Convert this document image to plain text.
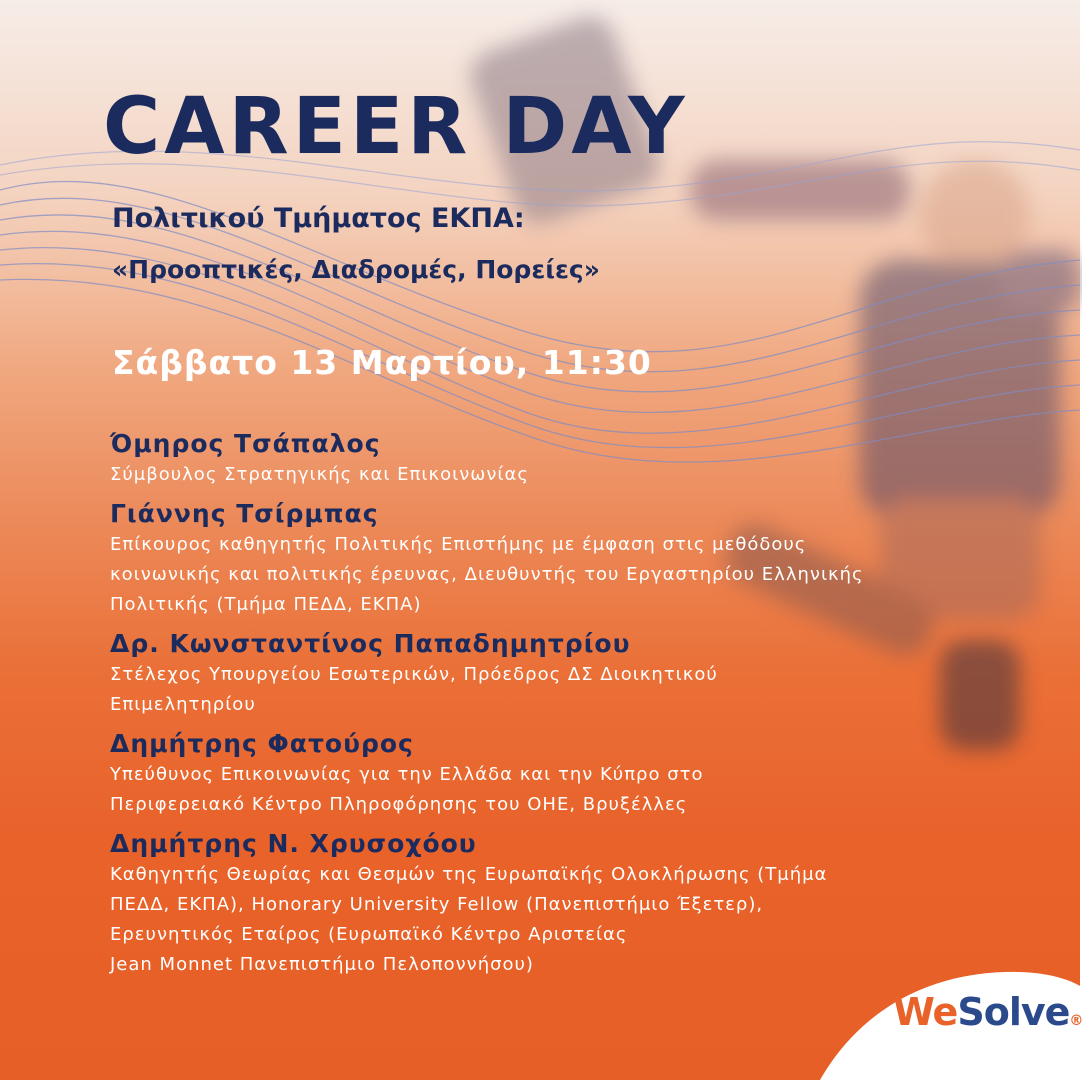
CAREER DAY

Πολιτικού Τμήματος ΕΚΠΑ:

«Προοπτικές, Διαδρομές, Πορείες»

Σάββατο 13 Μαρτίου, 11:30

Όμηρος Τσάπαλος

Σύμβουλος Στρατηγικής και Επικοινωνίας

Γιάννης Τσίρμπας

Επίκουρος καθηγητής Πολιτικής Επιστήμης με έμφαση στις μεθόδους

κοινωνικής και πολιτικής έρευνας, Διευθυντής του Εργαστηρίου Ελληνικής

Πολιτικής (Τμήμα ΠΕΔΔ, ΕΚΠΑ)

Δρ. Κωνσταντίνος Παπαδημητρίου

Στέλεχος Υπουργείου Εσωτερικών, Πρόεδρος ΔΣ Διοικητικού

Επιμελητηρίου

Δημήτρης Φατούρος

Υπεύθυνος Επικοινωνίας για την Ελλάδα και την Κύπρο στο

Περιφερειακό Κέντρο Πληροφόρησης του ΟΗΕ, Βρυξέλλες

Δημήτρης Ν. Χρυσοχόου

Καθηγητής Θεωρίας και Θεσμών της Ευρωπαϊκής Ολοκλήρωσης (Τμήμα

ΠΕΔΔ, ΕΚΠΑ), Honorary University Fellow (Πανεπιστήμιο Έξετερ),

Ερευνητικός Εταίρος (Ευρωπαϊκό Κέντρο Αριστείας

Jean Monnet Πανεπιστήμιο Πελοποννήσου)

WeSolve®
